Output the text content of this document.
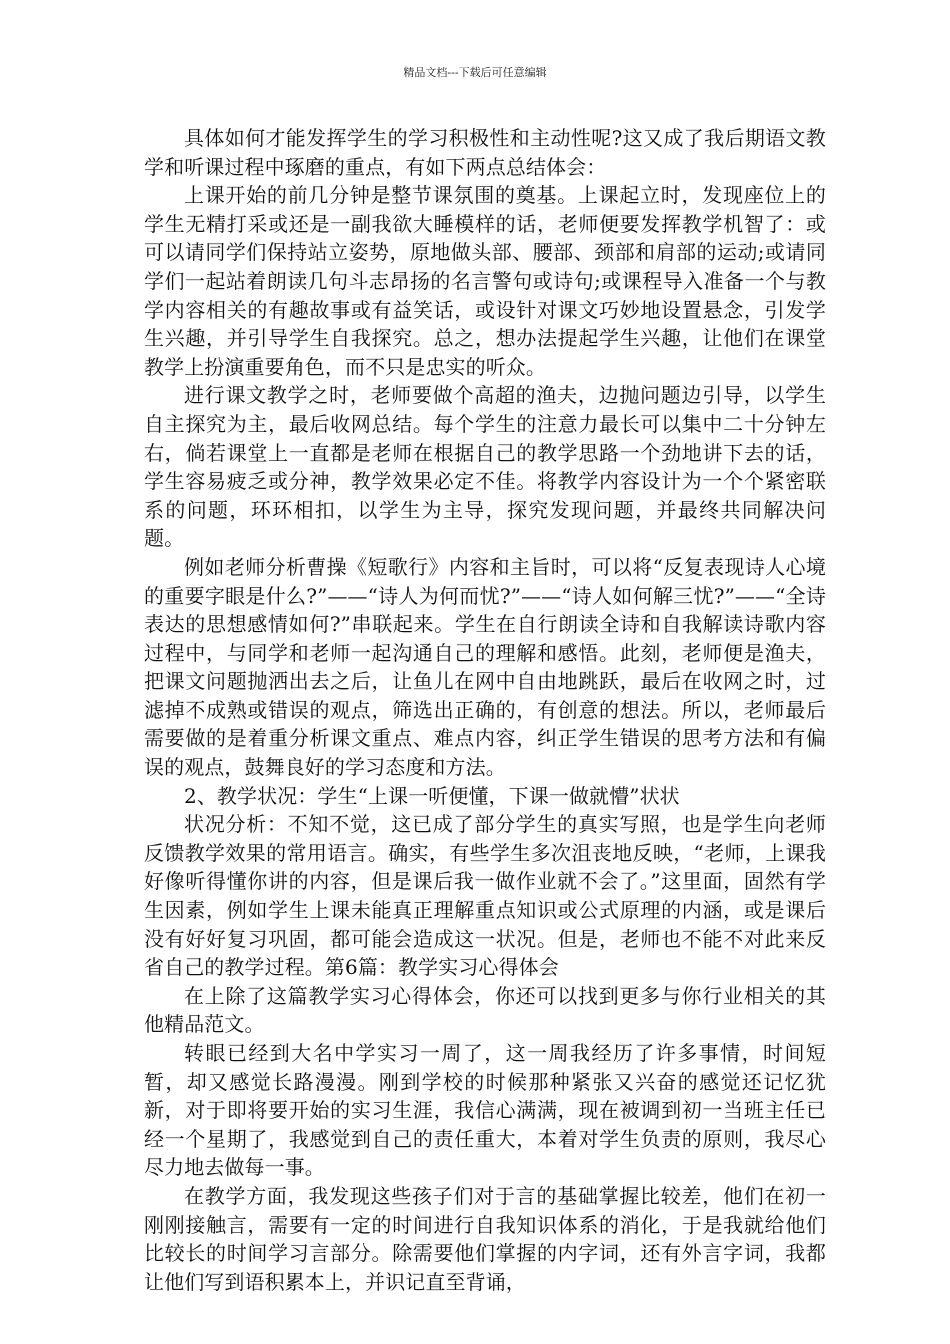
精品文档---下载后可任意编辑

具体如何才能发挥学生的学习积极性和主动性呢?这又成了我后期语文教学和听课过程中琢磨的重点，有如下两点总结体会：

上课开始的前几分钟是整节课氛围的奠基。上课起立时，发现座位上的学生无精打采或还是一副我欲大睡模样的话，老师便要发挥教学机智了：或可以请同学们保持站立姿势，原地做头部、腰部、颈部和肩部的运动;或请同学们一起站着朗读几句斗志昂扬的名言警句或诗句;或课程导入准备一个与教学内容相关的有趣故事或有益笑话，或设针对课文巧妙地设置悬念，引发学生兴趣，并引导学生自我探究。总之，想办法提起学生兴趣，让他们在课堂教学上扮演重要角色，而不只是忠实的听众。

进行课文教学之时，老师要做个高超的渔夫，边抛问题边引导，以学生自主探究为主，最后收网总结。每个学生的注意力最长可以集中二十分钟左右，倘若课堂上一直都是老师在根据自己的教学思路一个劲地讲下去的话，学生容易疲乏或分神，教学效果必定不佳。将教学内容设计为一个个紧密联系的问题，环环相扣，以学生为主导，探究发现问题，并最终共同解决问题。

例如老师分析曹操《短歌行》内容和主旨时，可以将“反复表现诗人心境的重要字眼是什么?”——“诗人为何而忧?”——“诗人如何解三忧?”——“全诗表达的思想感情如何?”串联起来。学生在自行朗读全诗和自我解读诗歌内容过程中，与同学和老师一起沟通自己的理解和感悟。此刻，老师便是渔夫，把课文问题抛洒出去之后，让鱼儿在网中自由地跳跃，最后在收网之时，过滤掉不成熟或错误的观点，筛选出正确的，有创意的想法。所以，老师最后需要做的是着重分析课文重点、难点内容，纠正学生错误的思考方法和有偏误的观点，鼓舞良好的学习态度和方法。

2、教学状况：学生“上课一听便懂，下课一做就懵”状状

状况分析：不知不觉，这已成了部分学生的真实写照，也是学生向老师反馈教学效果的常用语言。确实，有些学生多次沮丧地反映，“老师，上课我好像听得懂你讲的内容，但是课后我一做作业就不会了。”这里面，固然有学生因素，例如学生上课未能真正理解重点知识或公式原理的内涵，或是课后没有好好复习巩固，都可能会造成这一状况。但是，老师也不能不对此来反省自己的教学过程。第6篇：教学实习心得体会

在上除了这篇教学实习心得体会，你还可以找到更多与你行业相关的其他精品范文。

转眼已经到大名中学实习一周了，这一周我经历了许多事情，时间短暂，却又感觉长路漫漫。刚到学校的时候那种紧张又兴奋的感觉还记忆犹新，对于即将要开始的实习生涯，我信心满满，现在被调到初一当班主任已经一个星期了，我感觉到自己的责任重大，本着对学生负责的原则，我尽心尽力地去做每一事。

在教学方面，我发现这些孩子们对于言的基础掌握比较差，他们在初一刚刚接触言，需要有一定的时间进行自我知识体系的消化，于是我就给他们比较长的时间学习言部分。除需要他们掌握的内字词，还有外言字词，我都让他们写到语积累本上，并识记直至背诵，
